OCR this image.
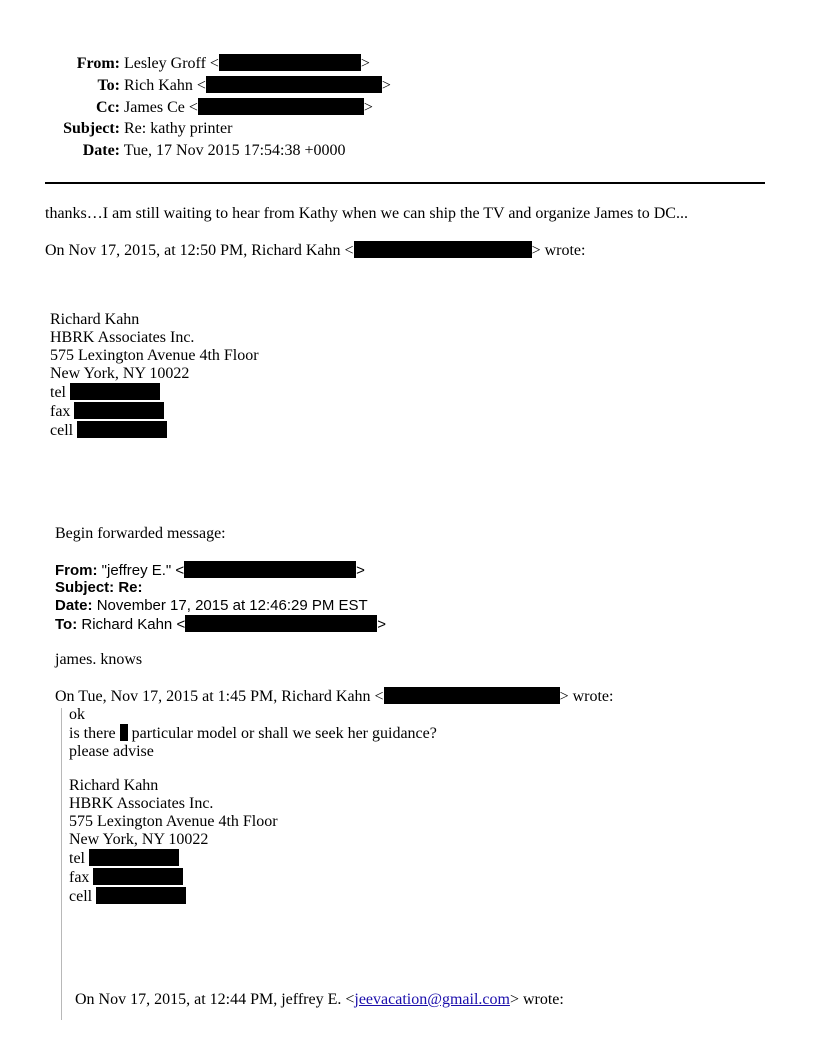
From: Lesley Groff <	>
To: Rich Kahn <	>
Cc: James Ce <	>
Subject: Re: kathy printer
Date: Tue, 17 Nov 2015 17:54:38 +0000
thanks…I am still waiting to hear from Kathy when we can ship the TV and organize James to DC...
On Nov 17, 2015, at 12:50 PM, Richard Kahn <	> wrote:
Richard Kahn
HBRK Associates Inc.
575 Lexington Avenue 4th Floor
New York, NY 10022
tel
fax
cell
Begin forwarded message:
From: "jeffrey E." <	>
Subject: Re:
Date: November 17, 2015 at 12:46:29 PM EST
To: Richard Kahn <	>
james. knows
On Tue, Nov 17, 2015 at 1:45 PM, Richard Kahn <	> wrote:
ok
is there particular model or shall we seek her guidance?
please advise
Richard Kahn
HBRK Associates Inc.
575 Lexington Avenue 4th Floor
New York, NY 10022
tel
fax
cell
On Nov 17, 2015, at 12:44 PM, jeffrey E. <jeevacation@gmail.com> wrote:
